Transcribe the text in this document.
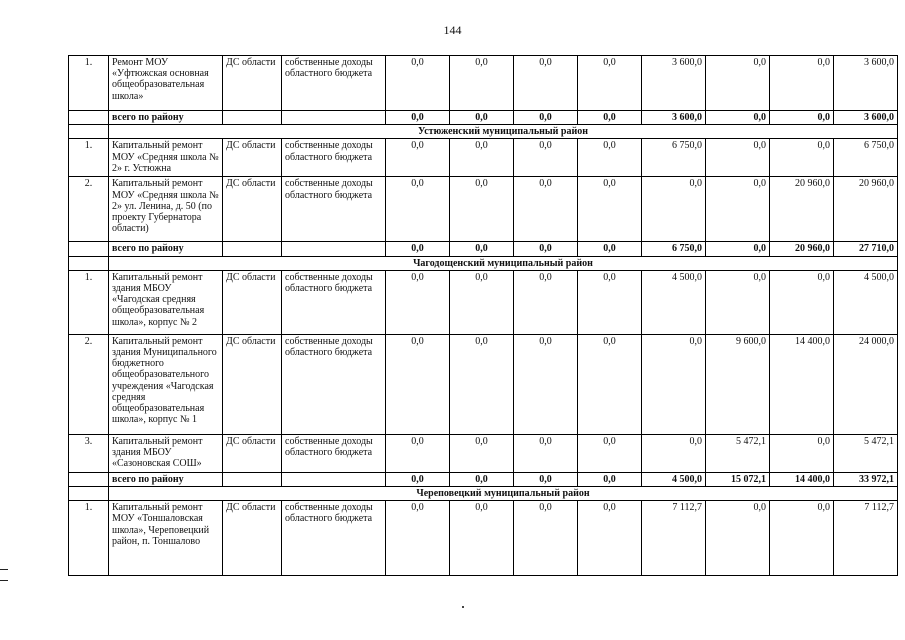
144
1.	Ремонт МОУ «Уфтюжская основная общеобразовательная школа»	ДС области	собственные доходы областного бюджета	0,0	0,0	0,0	0,0	3 600,0	0,0	0,0	3 600,0
	всего по району			0,0	0,0	0,0	0,0	3 600,0	0,0	0,0	3 600,0
	Устюженский муниципальный район										
1.	Капитальный ремонт МОУ «Средняя школа № 2» г. Устюжна	ДС области	собственные доходы областного бюджета	0,0	0,0	0,0	0,0	6 750,0	0,0	0,0	6 750,0
2.	Капитальный ремонт МОУ «Средняя школа № 2» ул. Ленина, д. 50 (по проекту Губернатора области)	ДС области	собственные доходы областного бюджета	0,0	0,0	0,0	0,0	0,0	0,0	20 960,0	20 960,0
	всего по району			0,0	0,0	0,0	0,0	6 750,0	0,0	20 960,0	27 710,0
	Чагодощенский муниципальный район										
1.	Капитальный ремонт здания МБОУ «Чагодская средняя общеобразовательная школа», корпус № 2	ДС области	собственные доходы областного бюджета	0,0	0,0	0,0	0,0	4 500,0	0,0	0,0	4 500,0
2.	Капитальный ремонт здания Муниципального бюджетного общеобразовательного учреждения «Чагодская средняя общеобразовательная школа», корпус № 1	ДС области	собственные доходы областного бюджета	0,0	0,0	0,0	0,0	0,0	9 600,0	14 400,0	24 000,0
3.	Капитальный ремонт здания МБОУ «Сазоновская СОШ»	ДС области	собственные доходы областного бюджета	0,0	0,0	0,0	0,0	0,0	5 472,1	0,0	5 472,1
	всего по району			0,0	0,0	0,0	0,0	4 500,0	15 072,1	14 400,0	33 972,1
	Череповецкий муниципальный район										
1.	Капитальный ремонт МОУ «Тоншаловская школа», Череповецкий район, п. Тоншалово	ДС области	собственные доходы областного бюджета	0,0	0,0	0,0	0,0	7 112,7	0,0	0,0	7 112,7
